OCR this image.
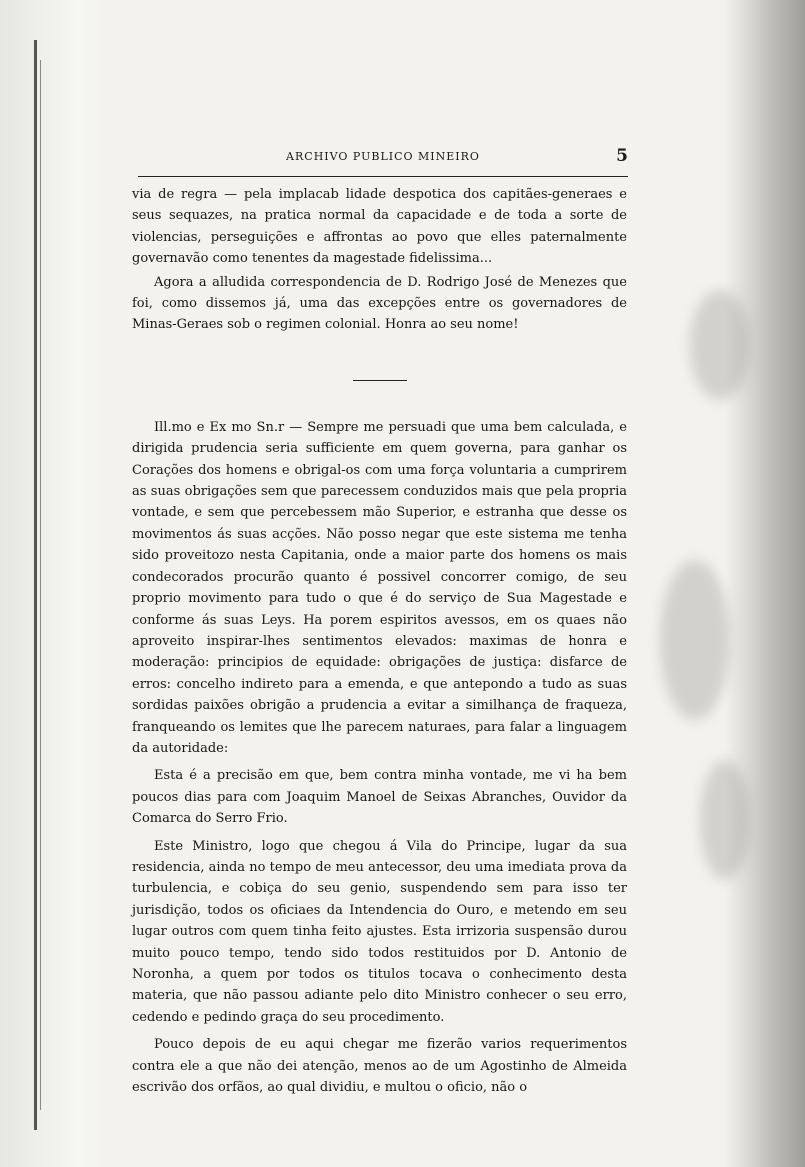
ARCHIVO PUBLICO MINEIRO	5

via de regra — pela implacab lidade despotica dos capitães-generaes e seus sequazes, na pratica normal da capacidade e de toda a sorte de violencias, perseguições e affrontas ao povo que elles paternalmente governavão como tenentes da magestade fidelissima...

Agora a alludida correspondencia de D. Rodrigo José de Menezes que foi, como dissemos já, uma das excepções entre os governadores de Minas-Geraes sob o regimen colonial. Honra ao seu nome!

Ill.mo e Ex mo Sn.r — Sempre me persuadi que uma bem calculada, e dirigida prudencia seria sufficiente em quem governa, para ganhar os Corações dos homens e obrigal-os com uma força voluntaria a cumprirem as suas obrigações sem que parecessem conduzidos mais que pela propria vontade, e sem que percebessem mão Superior, e estranha que desse os movimentos ás suas acções. Não posso negar que este sistema me tenha sido proveitozo nesta Capitania, onde a maior parte dos homens os mais condecorados procurão quanto é possivel concorrer comigo, de seu proprio movimento para tudo o que é do serviço de Sua Magestade e conforme ás suas Leys. Ha porem espiritos avessos, em os quaes não aproveito inspirar-lhes sentimentos elevados: maximas de honra e moderação: principios de equidade: obrigações de justiça: disfarce de erros: concelho indireto para a emenda, e que antepondo a tudo as suas sordidas paixões obrigão a prudencia a evitar a similhança de fraqueza, franqueando os lemites que lhe parecem naturaes, para falar a linguagem da autoridade:

Esta é a precisão em que, bem contra minha vontade, me vi ha bem poucos dias para com Joaquim Manoel de Seixas Abranches, Ouvidor da Comarca do Serro Frio.

Este Ministro, logo que chegou á Vila do Principe, lugar da sua residencia, ainda no tempo de meu antecessor, deu uma imediata prova da turbulencia, e cobiça do seu genio, suspendendo sem para isso ter jurisdição, todos os oficiaes da Intendencia do Ouro, e metendo em seu lugar outros com quem tinha feito ajustes. Esta irrizoria suspensão durou muito pouco tempo, tendo sido todos restituidos por D. Antonio de Noronha, a quem por todos os titulos tocava o conhecimento desta materia, que não passou adiante pelo dito Ministro conhecer o seu erro, cedendo e pedindo graça do seu procedimento.

Pouco depois de eu aqui chegar me fizerão varios requerimentos contra ele a que não dei atenção, menos ao de um Agostinho de Almeida escrivão dos orfãos, ao qual dividiu, e multou o oficio, não o
